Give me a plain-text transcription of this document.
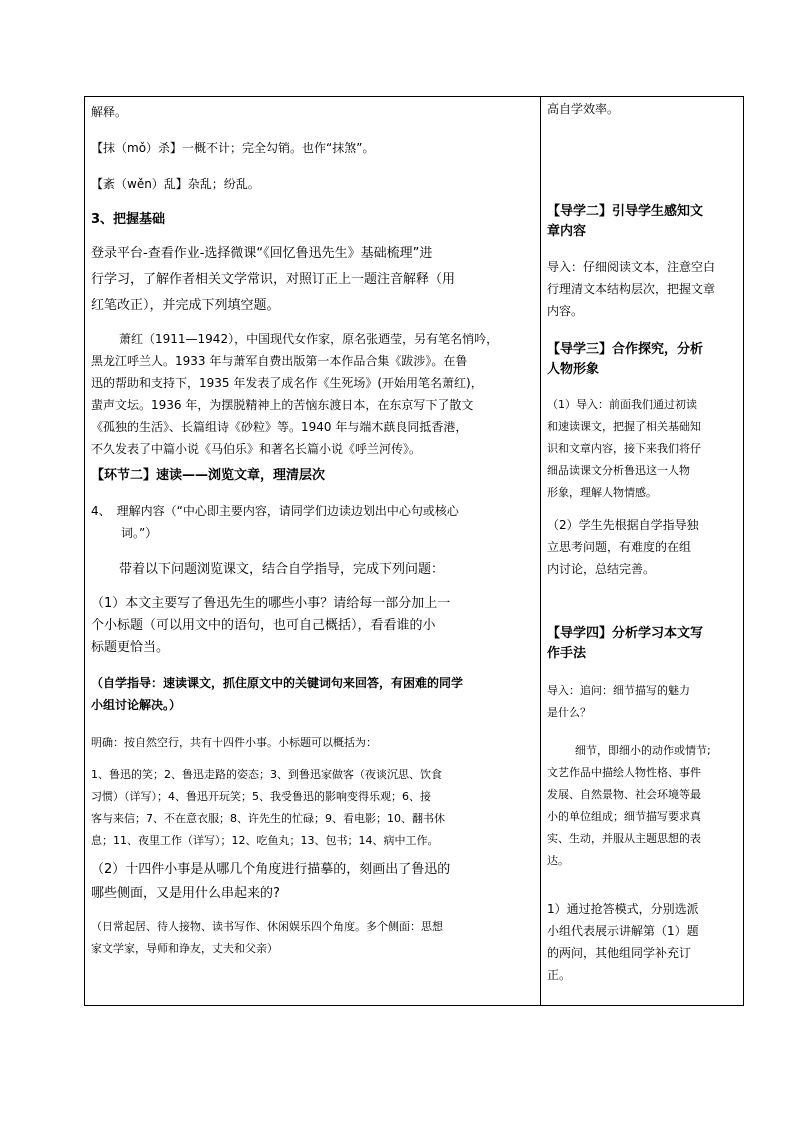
解释。

【抹（mǒ）杀】一概不计；完全勾销。也作“抹煞”。

【紊（wěn）乱】杂乱；纷乱。

3、把握基础

登录平台-查看作业-选择微课“《回忆鲁迅先生》基础梳理”进

行学习，了解作者相关文学常识，对照订正上一题注音解释（用

红笔改正），并完成下列填空题。

萧红（1911—1942），中国现代女作家，原名张迺莹，另有笔名悄吟，

黑龙江呼兰人。1933 年与萧军自费出版第一本作品合集《跋涉》。在鲁

迅的帮助和支持下，1935 年发表了成名作《生死场》(开始用笔名萧红)，

蜚声文坛。1936 年，为摆脱精神上的苦恼东渡日本，在东京写下了散文

《孤独的生活》、长篇组诗《砂粒》等。1940 年与端木蕻良同抵香港，

不久发表了中篇小说《马伯乐》和著名长篇小说《呼兰河传》。

【环节二】速读——浏览文章，理清层次

4、　理解内容（“中心即主要内容，请同学们边读边划出中心句或核心

词。”）

带着以下问题浏览课文，结合自学指导，完成下列问题：

（1）本文主要写了鲁迅先生的哪些小事？请给每一部分加上一

个小标题（可以用文中的语句，也可自己概括），看看谁的小

标题更恰当。

（自学指导：速读课文，抓住原文中的关键词句来回答，有困难的同学

小组讨论解决。）

明确：按自然空行，共有十四件小事。小标题可以概括为：

1、鲁迅的笑；2、鲁迅走路的姿态；3、到鲁迅家做客（夜谈沉思、饮食

习惯）（详写）；4、鲁迅开玩笑；5、我受鲁迅的影响变得乐观；6、接

客与来信；7、不在意衣服；8、许先生的忙碌；9、看电影；10、翻书休

息；11、夜里工作（详写）；12、吃鱼丸；13、包书；14、病中工作。

（2）十四件小事是从哪几个角度进行描摹的，刻画出了鲁迅的

哪些侧面，又是用什么串起来的?

（日常起居、待人接物、读书写作、休闲娱乐四个角度。多个侧面：思想

家文学家，导师和诤友，丈夫和父亲）

高自学效率。

【导学二】引导学生感知文

章内容

导入：仔细阅读文本，注意空白

行理清文本结构层次，把握文章

内容。

【导学三】合作探究，分析

人物形象

（1）导入：前面我们通过初读

和速读课文，把握了相关基础知

识和文章内容，接下来我们将仔

细品读课文分析鲁迅这一人物

形象，理解人物情感。

（2）学生先根据自学指导独

立思考问题，有难度的在组

内讨论，总结完善。

【导学四】分析学习本文写

作手法

导入：追问：细节描写的魅力

是什么？

细节，即细小的动作或情节;

文艺作品中描绘人物性格、事件

发展、自然景物、社会环境等最

小的单位组成；细节描写要求真

实、生动，并服从主题思想的表

达。

1）通过抢答模式，分别选派

小组代表展示讲解第（1）题

的两问，其他组同学补充订

正。
